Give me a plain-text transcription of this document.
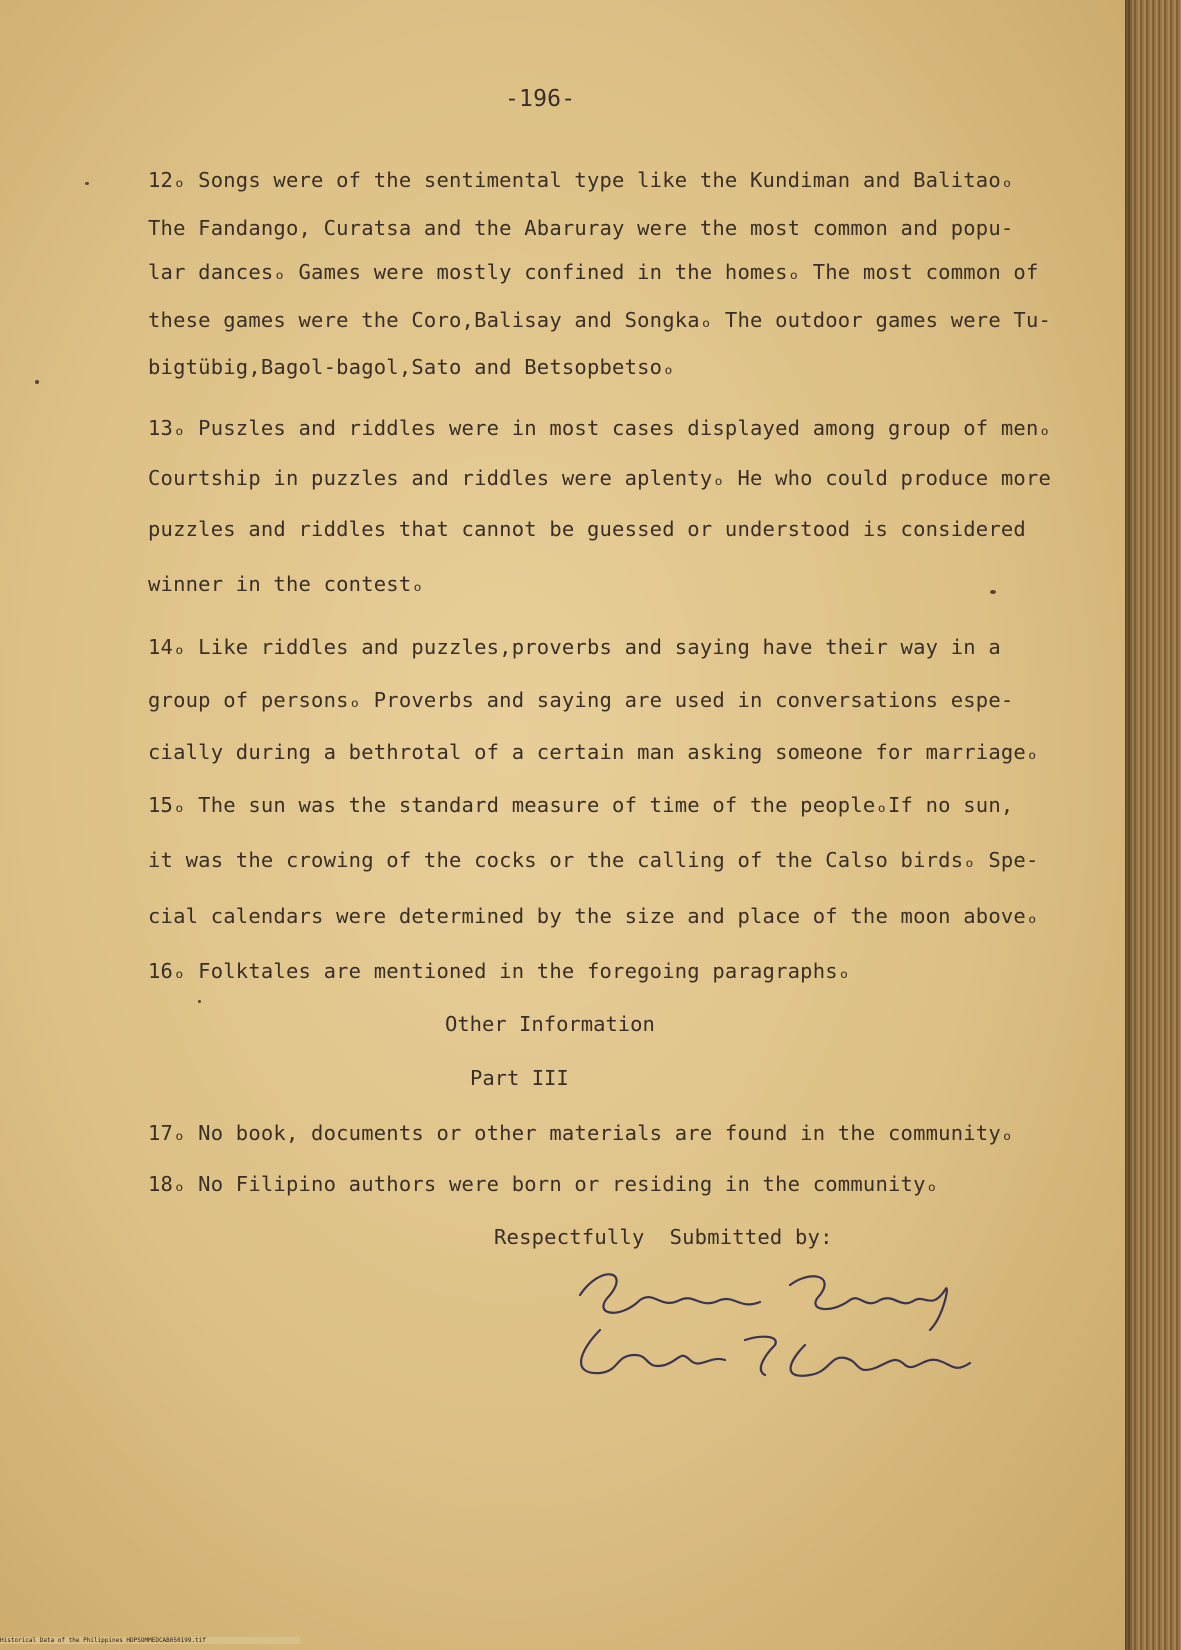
-196-
12ₒ Songs were of the sentimental type like the Kundiman and Balitaoₒ
The Fandango, Curatsa and the Abaruray were the most common and popu-
lar dancesₒ Games were mostly confined in the homesₒ The most common of
these games were the Coro,Balisay and Songkaₒ The outdoor games were Tu-
bigtübig,Bagol-bagol,Sato and Betsopbetsoₒ
13ₒ Puszles and riddles were in most cases displayed among group of menₒ
Courtship in puzzles and riddles were aplentyₒ He who could produce more
puzzles and riddles that cannot be guessed or understood is considered
winner in the contestₒ
14ₒ Like riddles and puzzles,proverbs and saying have their way in a
group of personsₒ Proverbs and saying are used in conversations espe-
cially during a bethrotal of a certain man asking someone for marriageₒ
15ₒ The sun was the standard measure of time of the peopleₒIf no sun,
it was the crowing of the cocks or the calling of the Calso birdsₒ Spe-
cial calendars were determined by the size and place of the moon aboveₒ
16ₒ Folktales are mentioned in the foregoing paragraphsₒ
Other Information
Part III
17ₒ No book, documents or other materials are found in the communityₒ
18ₒ No Filipino authors were born or residing in the communityₒ
Respectfully  Submitted by:
Historical Data of the Philippines HDPSOMMEDCAB050199.tif
